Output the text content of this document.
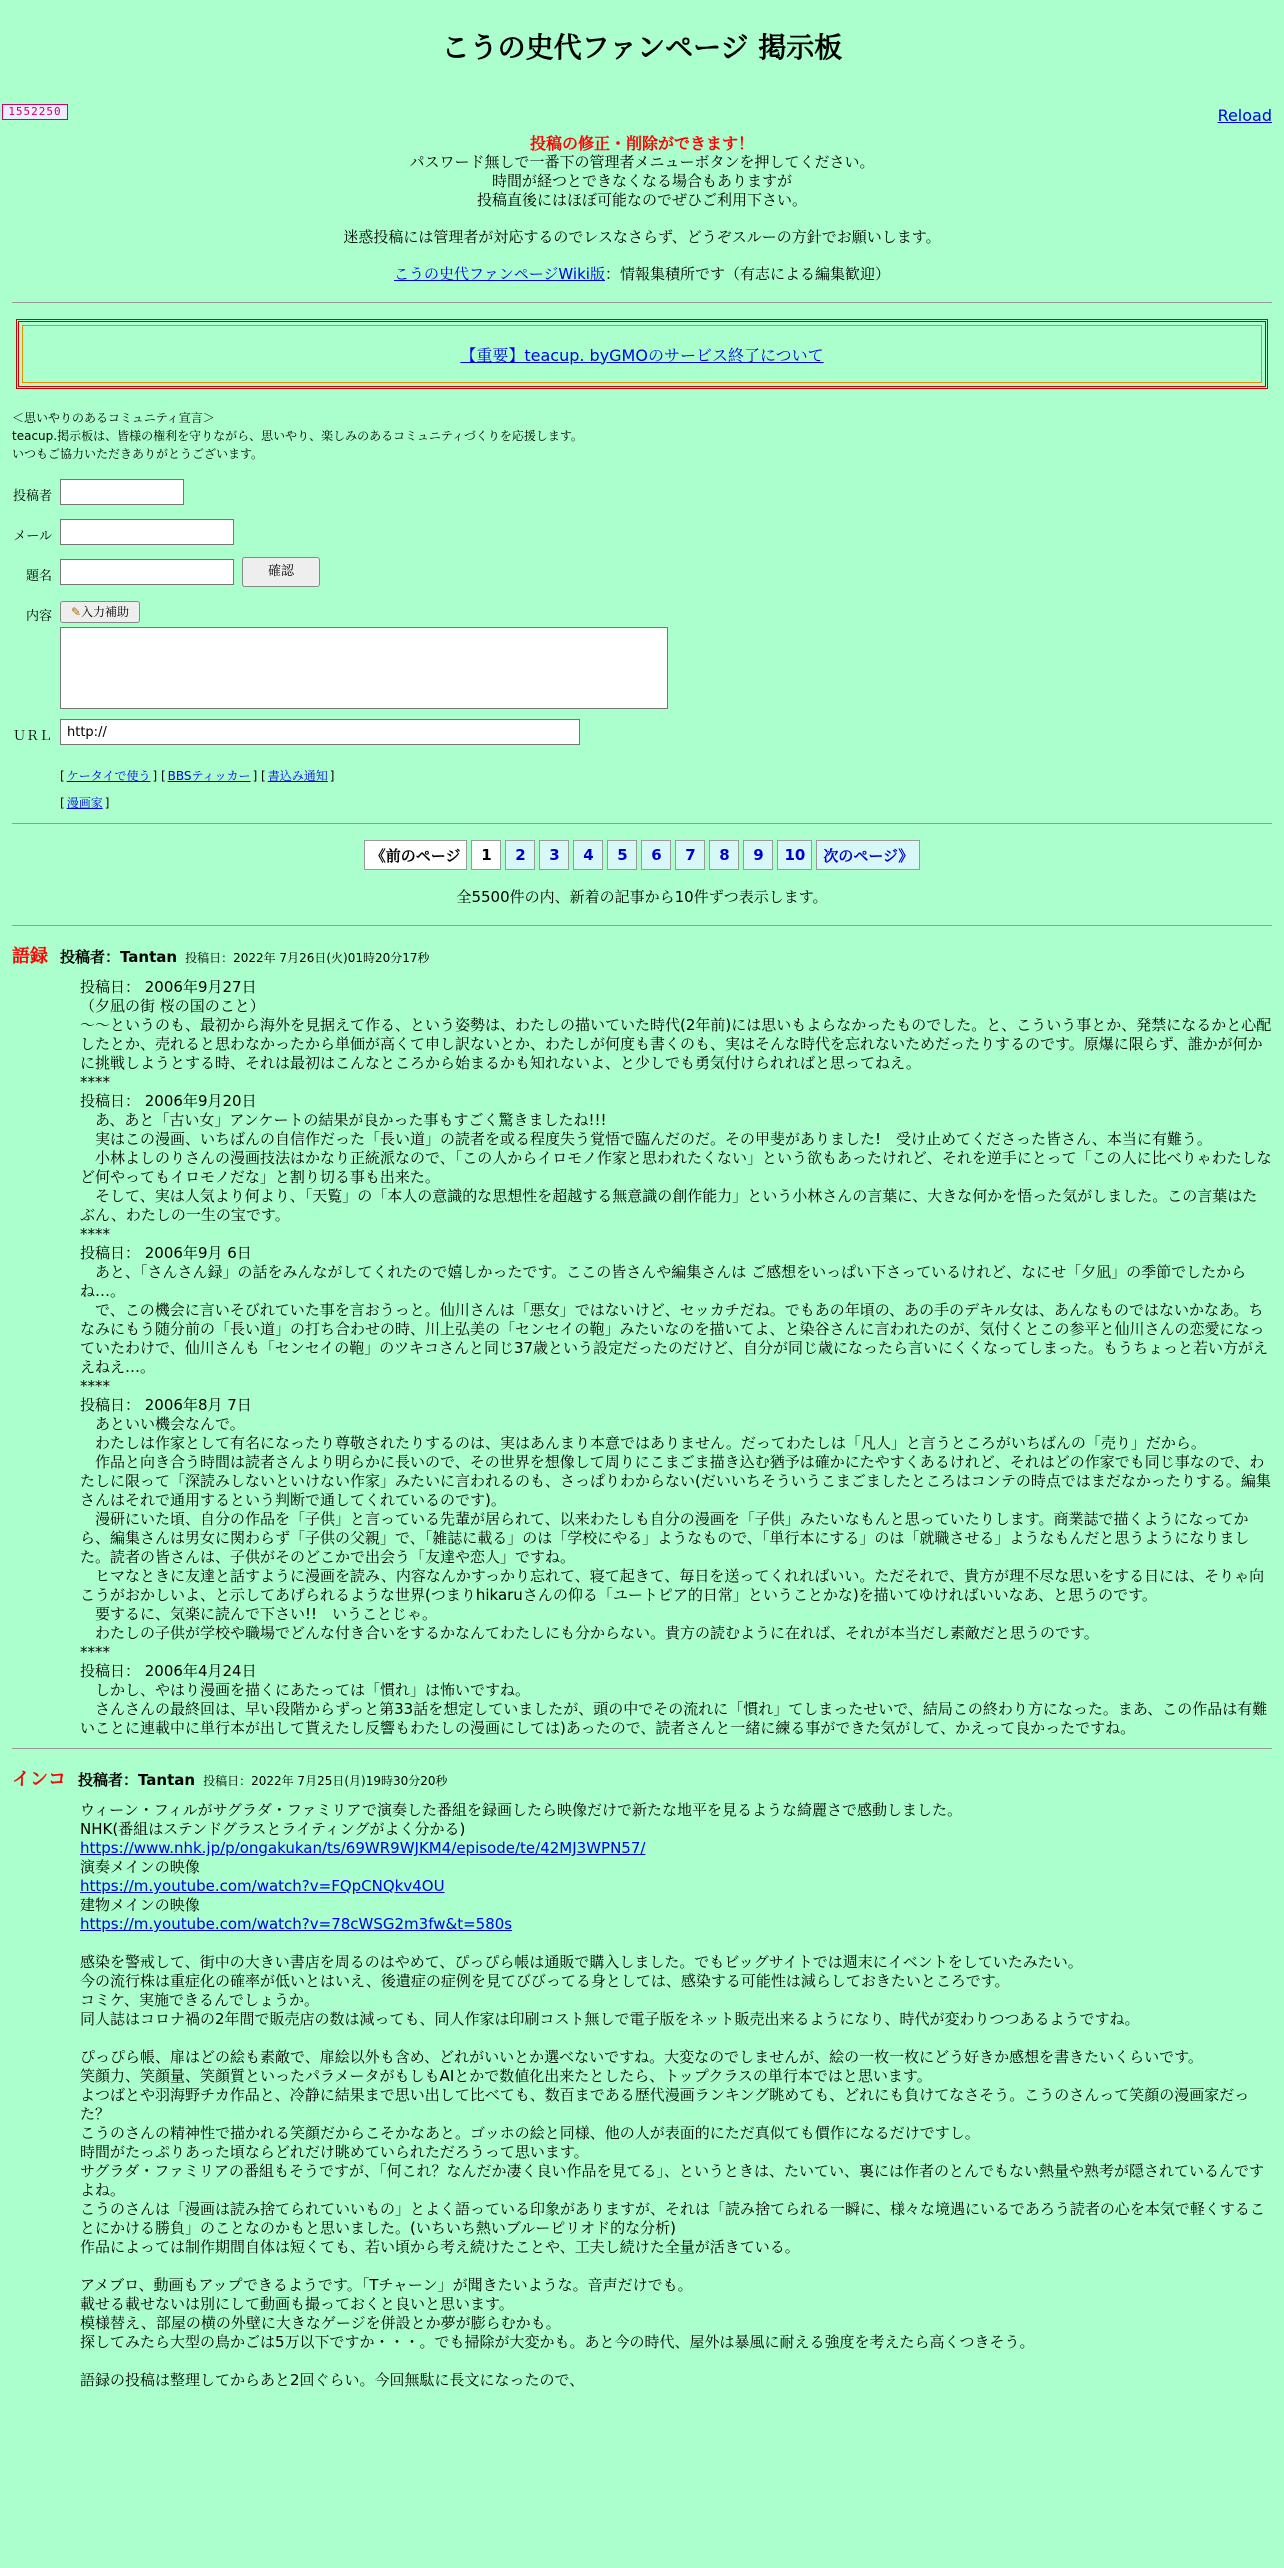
こうの史代ファンページ 掲示板
1552250	Reload

投稿の修正・削除ができます！

パスワード無しで一番下の管理者メニューボタンを押してください。

時間が経つとできなくなる場合もありますが

投稿直後にはほぼ可能なのでぜひご利用下さい。

迷惑投稿には管理者が対応するのでレスなさらず、どうぞスルーの方針でお願いします。

こうの史代ファンページWiki版：情報集積所です（有志による編集歓迎）

【重要】teacup. byGMOのサービス終了について
＜思いやりのあるコミュニティ宣言＞
teacup.掲示板は、皆様の権利を守りながら、思いやり、楽しみのあるコミュニティづくりを応援します。
いつもご協力いただきありがとうございます。
投稿者
メール
題名	確認
内容	✎入力補助
ＵＲＬ	http://
[ ケータイで使う ] [ BBSティッカー ] [ 書込み通知 ]
[ 漫画家 ]
《前のページ	1	2	3	4	5	6	7	8	9	10	次のページ》
全5500件の内、新着の記事から10件ずつ表示します。
語録 投稿者：Tantan 投稿日：2022年 7月26日(火)01時20分17秒

投稿日： 2006年9月27日

（夕凪の街 桜の国のこと）

～～というのも、最初から海外を見据えて作る、という姿勢は、わたしの描いていた時代(2年前)には思いもよらなかったものでした。と、こういう事とか、発禁になるかと心配したとか、売れると思わなかったから単価が高くて申し訳ないとか、わたしが何度も書くのも、実はそんな時代を忘れないためだったりするのです。原爆に限らず、誰かが何かに挑戦しようとする時、それは最初はこんなところから始まるかも知れないよ、と少しでも勇気付けられればと思ってねえ。

****

投稿日： 2006年9月20日

　あ、あと「古い女」アンケートの結果が良かった事もすごく驚きましたね!!!

　実はこの漫画、いちばんの自信作だった「長い道」の読者を或る程度失う覚悟で臨んだのだ。その甲斐がありました!　受け止めてくださった皆さん、本当に有難う。

　小林よしのりさんの漫画技法はかなり正統派なので、「この人からイロモノ作家と思われたくない」という欲もあったけれど、それを逆手にとって「この人に比べりゃわたしなど何やってもイロモノだな」と割り切る事も出来た。

　そして、実は人気より何より、「天覧」の「本人の意識的な思想性を超越する無意識の創作能力」という小林さんの言葉に、大きな何かを悟った気がしました。この言葉はたぶん、わたしの一生の宝です。

****

投稿日： 2006年9月 6日

　あと、「さんさん録」の話をみんながしてくれたので嬉しかったです。ここの皆さんや編集さんは ご感想をいっぱい下さっているけれど、なにせ「夕凪」の季節でしたからね…。

　で、この機会に言いそびれていた事を言おうっと。仙川さんは「悪女」ではないけど、セッカチだね。でもあの年頃の、あの手のデキル女は、あんなものではないかなあ。ちなみにもう随分前の「長い道」の打ち合わせの時、川上弘美の「センセイの鞄」みたいなのを描いてよ、と染谷さんに言われたのが、気付くとこの参平と仙川さんの恋愛になっていたわけで、仙川さんも「センセイの鞄」のツキコさんと同じ37歳という設定だったのだけど、自分が同じ歳になったら言いにくくなってしまった。もうちょっと若い方がええねえ…。

****

投稿日： 2006年8月 7日

　あといい機会なんで。

　わたしは作家として有名になったり尊敬されたりするのは、実はあんまり本意ではありません。だってわたしは「凡人」と言うところがいちばんの「売り」だから。

　作品と向き合う時間は読者さんより明らかに長いので、その世界を想像して周りにこまごま描き込む猶予は確かにたやすくあるけれど、それはどの作家でも同じ事なので、わたしに限って「深読みしないといけない作家」みたいに言われるのも、さっぱりわからない(だいいちそういうこまごましたところはコンテの時点ではまだなかったりする。編集さんはそれで通用するという判断で通してくれているのです)。

　漫研にいた頃、自分の作品を「子供」と言っている先輩が居られて、以来わたしも自分の漫画を「子供」みたいなもんと思っていたりします。商業誌で描くようになってから、編集さんは男女に関わらず「子供の父親」で、「雑誌に載る」のは「学校にやる」ようなもので、「単行本にする」のは「就職させる」ようなもんだと思うようになりました。読者の皆さんは、子供がそのどこかで出会う「友達や恋人」ですね。

　ヒマなときに友達と話すように漫画を読み、内容なんかすっかり忘れて、寝て起きて、毎日を送ってくれればいい。ただそれで、貴方が理不尽な思いをする日には、そりゃ向こうがおかしいよ、と示してあげられるような世界(つまりhikaruさんの仰る「ユートピア的日常」ということかな)を描いてゆければいいなあ、と思うのです。

　要するに、気楽に読んで下さい!!　いうことじゃ。

　わたしの子供が学校や職場でどんな付き合いをするかなんてわたしにも分からない。貴方の読むように在れば、それが本当だし素敵だと思うのです。

****

投稿日： 2006年4月24日

　しかし、やはり漫画を描くにあたっては「慣れ」は怖いですね。

　さんさんの最終回は、早い段階からずっと第33話を想定していましたが、頭の中でその流れに「慣れ」てしまったせいで、結局この終わり方になった。まあ、この作品は有難いことに連載中に単行本が出して貰えたし反響もわたしの漫画にしては)あったので、読者さんと一緒に練る事ができた気がして、かえって良かったですね。

インコ 投稿者：Tantan 投稿日：2022年 7月25日(月)19時30分20秒

ウィーン・フィルがサグラダ・ファミリアで演奏した番組を録画したら映像だけで新たな地平を見るような綺麗さで感動しました。

NHK(番組はステンドグラスとライティングがよく分かる)

https://www.nhk.jp/p/ongakukan/ts/69WR9WJKM4/episode/te/42MJ3WPN57/

演奏メインの映像

https://m.youtube.com/watch?v=FQpCNQkv4OU

建物メインの映像

https://m.youtube.com/watch?v=78cWSG2m3fw&t=580s

感染を警戒して、街中の大きい書店を周るのはやめて、ぴっぴら帳は通販で購入しました。でもビッグサイトでは週末にイベントをしていたみたい。

今の流行株は重症化の確率が低いとはいえ、後遺症の症例を見てびびってる身としては、感染する可能性は減らしておきたいところです。

コミケ、実施できるんでしょうか。

同人誌はコロナ禍の2年間で販売店の数は減っても、同人作家は印刷コスト無しで電子版をネット販売出来るようになり、時代が変わりつつあるようですね。

ぴっぴら帳、扉はどの絵も素敵で、扉絵以外も含め、どれがいいとか選べないですね。大変なのでしませんが、絵の一枚一枚にどう好きか感想を書きたいくらいです。

笑顔力、笑顔量、笑顔質といったパラメータがもしもAIとかで数値化出来たとしたら、トップクラスの単行本ではと思います。

よつばとや羽海野チカ作品と、冷静に結果まで思い出して比べても、数百まである歴代漫画ランキング眺めても、どれにも負けてなさそう。こうのさんって笑顔の漫画家だった？

こうのさんの精神性で描かれる笑顔だからこそかなあと。ゴッホの絵と同様、他の人が表面的にただ真似ても價作になるだけですし。

時間がたっぷりあった頃ならどれだけ眺めていられただろうって思います。

サグラダ・ファミリアの番組もそうですが、「何これ？なんだか凄く良い作品を見てる」、というときは、たいてい、裏には作者のとんでもない熱量や熟考が隠されているんですよね。

こうのさんは「漫画は読み捨てられていいもの」とよく語っている印象がありますが、それは「読み捨てられる一瞬に、様々な境遇にいるであろう読者の心を本気で軽くすることにかける勝負」のことなのかもと思いました。(いちいち熱いブルーピリオド的な分析)

作品によっては制作期間自体は短くても、若い頃から考え続けたことや、工夫し続けた全量が活きている。

アメブロ、動画もアップできるようです。「Tチャーン」が聞きたいような。音声だけでも。

載せる載せないは別にして動画も撮っておくと良いと思います。

模様替え、部屋の横の外壁に大きなゲージを併設とか夢が膨らむかも。

探してみたら大型の鳥かごは5万以下ですか・・・。でも掃除が大変かも。あと今の時代、屋外は暴風に耐える強度を考えたら高くつきそう。

語録の投稿は整理してからあと2回ぐらい。今回無駄に長文になったので、
